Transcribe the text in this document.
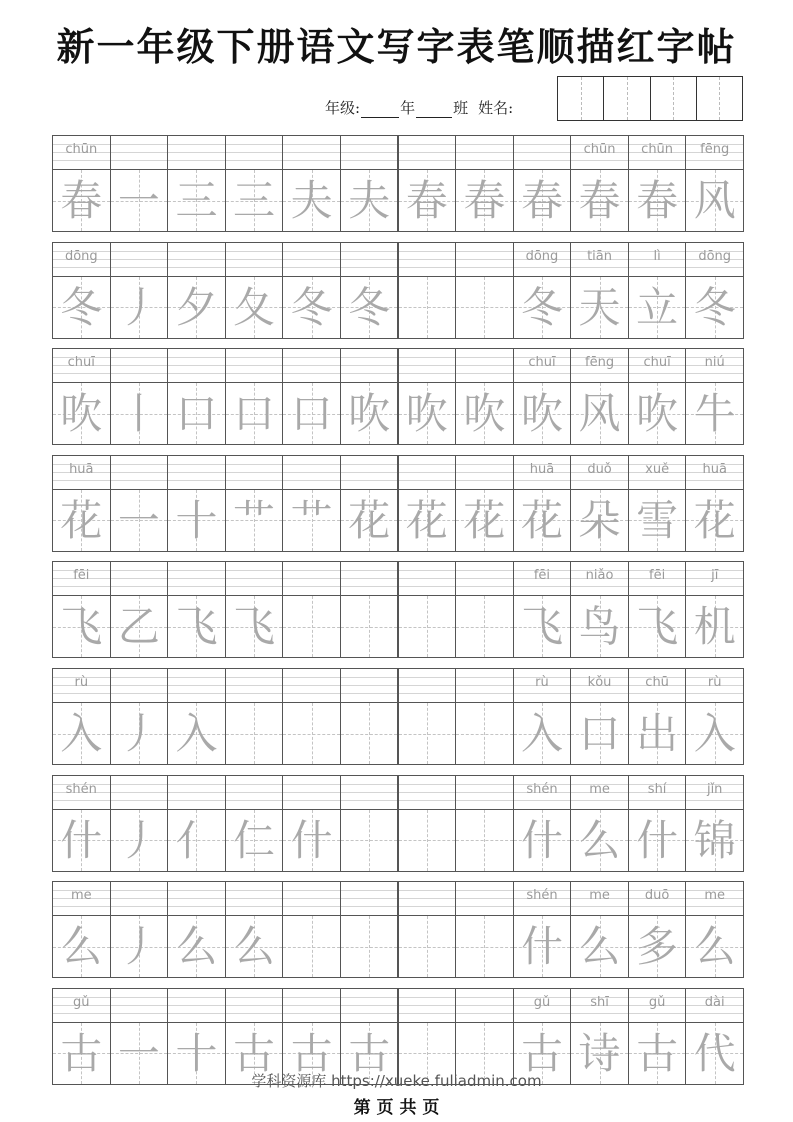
新一年级下册语文写字表笔顺描红字帖
年级:	年	班 姓名:
chūn
春 一 三 三 夫 夫 春 春 春
chūn
春
chūn
春
fēng
风
dōng
冬 丿 夕 夂 冬 冬
dōng
冬
tiān
天
lì
立
dōng
冬
chuī
吹 丨 口 口 口 吹 吹 吹
chuī
吹
fēng
风
chuī
吹
niú
牛
huā
花 一 十 艹 艹 花 花 花
huā
花
duǒ
朵
xuě
雪
huā
花
fēi
飞 乙 飞 飞
fēi
飞
niǎo
鸟
fēi
飞
jī
机
rù
入 丿 入
rù
入
kǒu
口
chū
出
rù
入
shén
什 丿 亻 仁 什
shén
什
me
么
shí
什
jǐn
锦
me
么 丿 么 么
shén
什
me
么
duō
多
me
么
gǔ
古 一 十 古 古 古
gǔ
古
shī
诗
gǔ
古
dài
代
学科资源库 https://xueke.fuliadmin.com
第 页 共 页
